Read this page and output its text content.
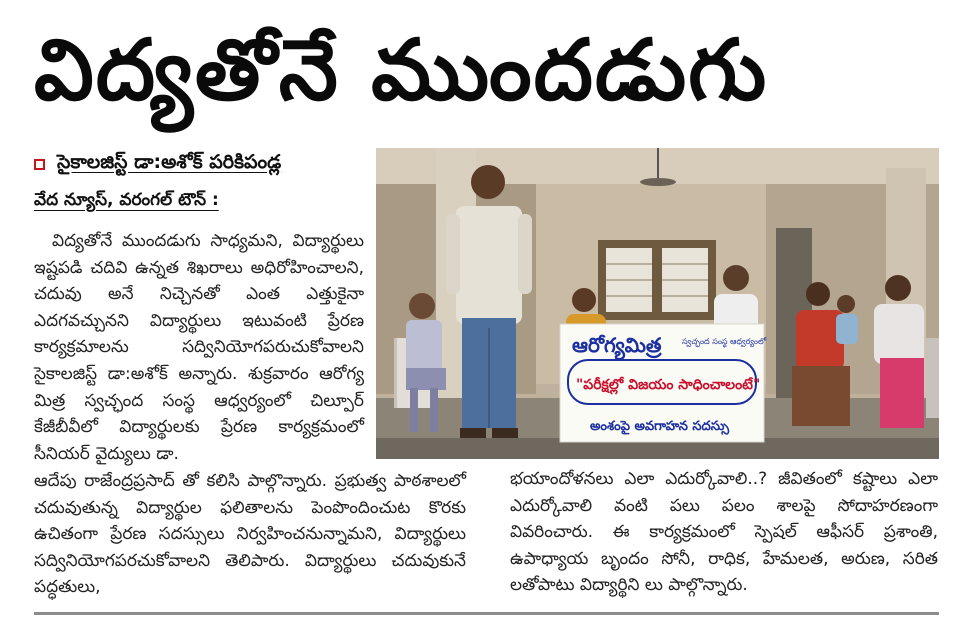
విద్యతోనే ముందడుగు
సైకాలజిస్ట్ డా:అశోక్ పరికిపండ్ల
వేద న్యూస్, వరంగల్ టౌన్ :

విద్యతోనే ముందడుగు సాధ్యమని, విద్యార్థులు ఇష్టపడి చదివి ఉన్నత శిఖరాలు అధిరోహించాలని, చదువు అనే నిచ్చెనతో ఎంత ఎత్తుకైనా ఎదగవచ్చునని విద్యార్థులు ఇటువంటి ప్రేరణ కార్యక్రమాలను సద్వినియోగపరుచుకోవాలని సైకాలజిస్ట్ డా:అశోక్ అన్నారు. శుక్రవారం ఆరోగ్య మిత్ర స్వచ్ఛంద సంస్థ ఆధ్వర్యంలో చిల్పూర్ కేజీబీవీలో విద్యార్థులకు ప్రేరణ కార్యక్రమంలో సీనియర్ వైద్యులు డా.

ఆదేపు రాజేంద్రప్రసాద్ తో కలిసి పాల్గొన్నారు. ప్రభుత్వ పాఠశాలలో చదువుతున్న విద్యార్థుల ఫలితాలను పెంపొందించుట కొరకు ఉచితంగా ప్రేరణ సదస్సులు నిర్వహించనున్నామని, విద్యార్థులు సద్వినియోగపరచుకోవాలని తెలిపారు. విద్యార్థులు చదువుకునే పద్ధతులు,

భయాందోళనలు ఎలా ఎదుర్కోవాలి..? జీవితంలో కష్టాలు ఎలా ఎదుర్కోవాలి వంటి పలు పలం శాలపై సోదాహరణంగా వివరించారు. ఈ కార్యక్రమంలో స్పెషల్ ఆఫీసర్ ప్రశాంతి, ఉపాధ్యాయ బృందం సోనీ, రాధిక, హేమలత, అరుణ, సరిత లతోపాటు విద్యార్థిని లు పాల్గొన్నారు.

ఆరోగ్యమిత్ర	స్వచ్ఛంద సంస్థ ఆధ్వర్యంలో
"పరీక్షల్లో విజయం సాధించాలంటే"
అంశంపై అవగాహన సదస్సు
